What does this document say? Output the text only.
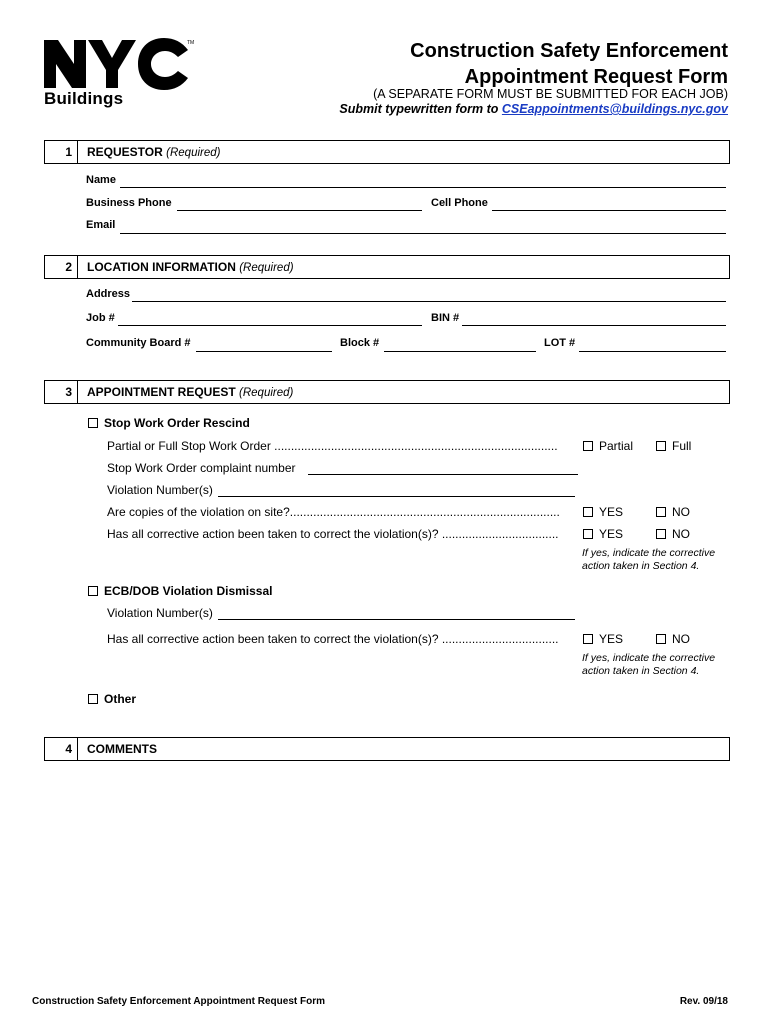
TM
Buildings
Construction Safety Enforcement
Appointment Request Form
(A SEPARATE FORM MUST BE SUBMITTED FOR EACH JOB)
Submit typewritten form to CSEappointments@buildings.nyc.gov
1	REQUESTOR (Required)
Name
Business Phone	Cell Phone
Email
2	LOCATION INFORMATION (Required)
Address
Job #	BIN #
Community Board #	Block #	LOT #
3	APPOINTMENT REQUEST (Required)
Stop Work Order Rescind
Partial or Full Stop Work Order .....................................................................................	Partial	Full
Stop Work Order complaint number
Violation Number(s)
Are copies of the violation on site?.................................................................................	YES	NO
Has all corrective action been taken to correct the violation(s)? ...................................	YES	NO
If yes, indicate the corrective
action taken in Section 4.
ECB/DOB Violation Dismissal
Violation Number(s)
Has all corrective action been taken to correct the violation(s)? ...................................	YES	NO
If yes, indicate the corrective
action taken in Section 4.
Other
4	COMMENTS
Construction Safety Enforcement Appointment Request Form	Rev. 09/18
